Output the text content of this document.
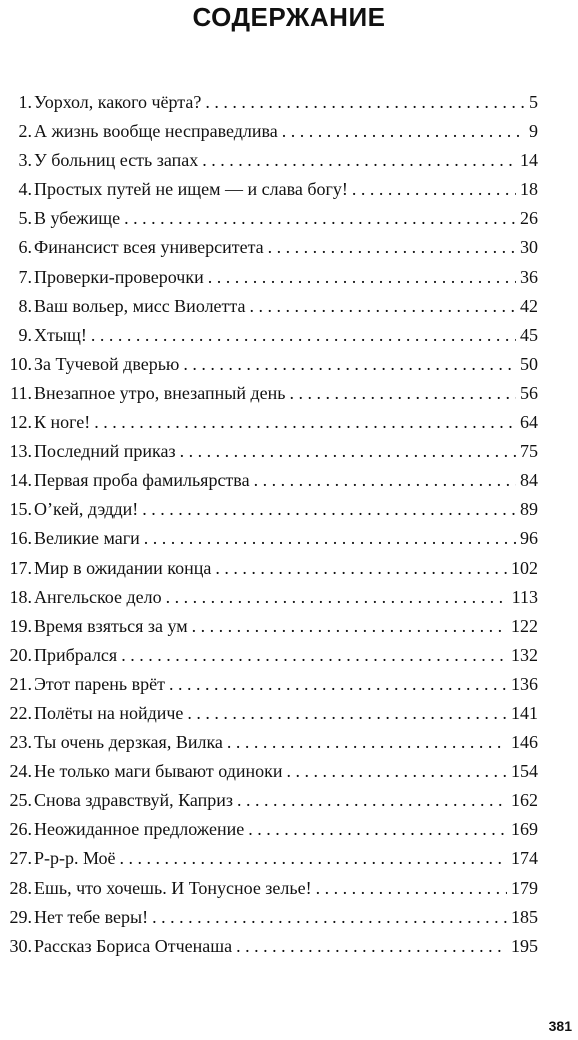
СОДЕРЖАНИЕ
1. Уорхол, какого чёрта? . . .	5
2. А жизнь вообще несправедлива . . .	9
3. У больниц есть запах . . .	14
4. Простых путей не ищем — и слава богу! . . .	18
5. В убежище . . .	26
6. Финансист всея университета . . .	30
7. Проверки-проверочки . . .	36
8. Ваш вольер, мисс Виолетта . . .	42
9. Хтыщ! . . .	45
10. За Тучевой дверью . . .	50
11. Внезапное утро, внезапный день . . .	56
12. К ноге! . . .	64
13. Последний приказ . . .	75
14. Первая проба фамильярства . . .	84
15. О’кей, дэдди! . . .	89
16. Великие маги . . .	96
17. Мир в ожидании конца . . .	102
18. Ангельское дело . . .	113
19. Время взяться за ум . . .	122
20. Прибрался . . .	132
21. Этот парень врёт . . .	136
22. Полёты на нойдиче . . .	141
23. Ты очень дерзкая, Вилка . . .	146
24. Не только маги бывают одиноки . . .	154
25. Снова здравствуй, Каприз . . .	162
26. Неожиданное предложение . . .	169
27. Р-р-р. Моё . . .	174
28. Ешь, что хочешь. И Тонусное зелье! . . .	179
29. Нет тебе веры! . . .	185
30. Рассказ Бориса Отченаша . . .	195
381
